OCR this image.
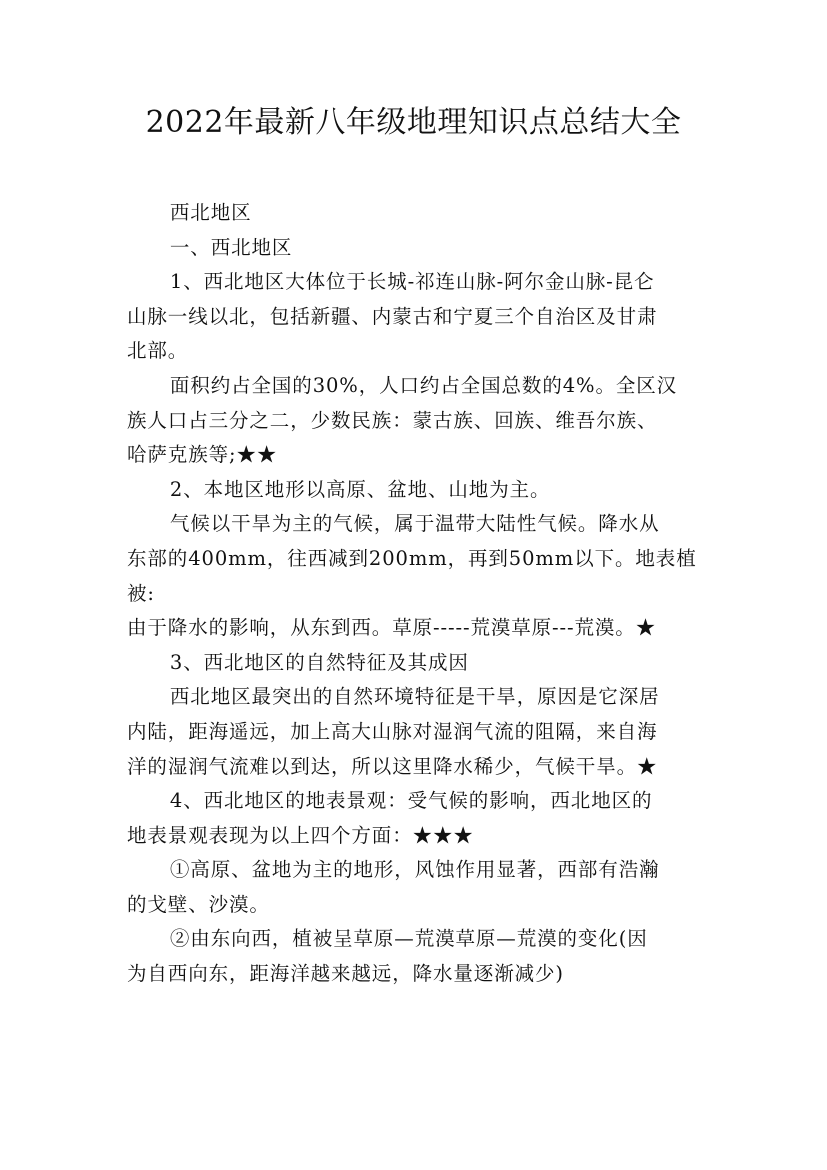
2022年最新八年级地理知识点总结大全

西北地区

一、西北地区

1、西北地区大体位于长城-祁连山脉-阿尔金山脉-昆仑
山脉一线以北，包括新疆、内蒙古和宁夏三个自治区及甘肃
北部。

面积约占全国的30%，人口约占全国总数的4%。全区汉
族人口占三分之二，少数民族：蒙古族、回族、维吾尔族、
哈萨克族等;★★

2、本地区地形以高原、盆地、山地为主。

气候以干旱为主的气候，属于温带大陆性气候。降水从
东部的400mm，往西减到200mm，再到50mm以下。地表植被:
由于降水的影响，从东到西。草原-----荒漠草原---荒漠。★

3、西北地区的自然特征及其成因

西北地区最突出的自然环境特征是干旱，原因是它深居
内陆，距海遥远，加上高大山脉对湿润气流的阻隔，来自海
洋的湿润气流难以到达，所以这里降水稀少，气候干旱。★

4、西北地区的地表景观：受气候的影响，西北地区的
地表景观表现为以上四个方面：★★★

①高原、盆地为主的地形，风蚀作用显著，西部有浩瀚
的戈壁、沙漠。

②由东向西，植被呈草原—荒漠草原—荒漠的变化(因
为自西向东，距海洋越来越远，降水量逐渐减少)
